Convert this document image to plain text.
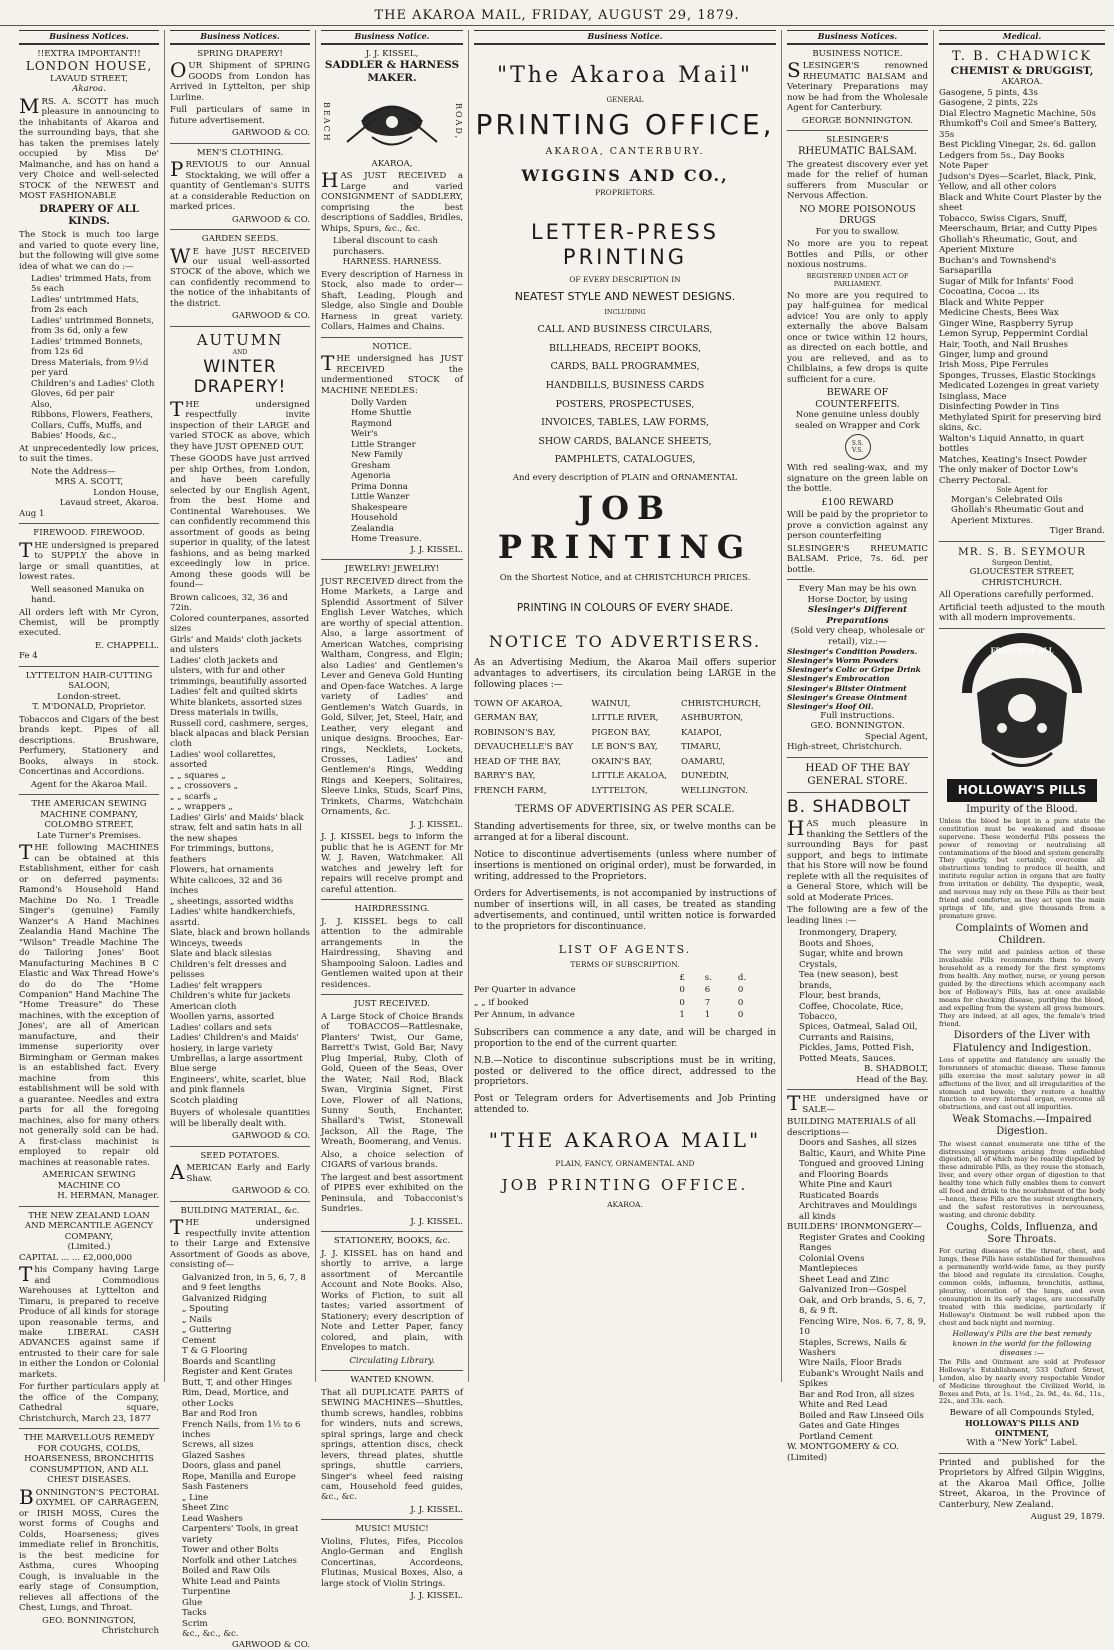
THE AKAROA MAIL, FRIDAY, AUGUST 29, 1879.
Business Notices.
!!EXTRA IMPORTANT!!
LONDON HOUSE,
LAVAUD STREET,
Akaroa.
MRS. A. SCOTT has much pleasure in announcing to the inhabitants of Akaroa and the surrounding bays, that she has taken the premises lately occupied by Miss De' Malmanche, and has on hand a very Choice and well-selected STOCK of the NEWEST and MOST FASHIONABLE
DRAPERY OF ALL KINDS.
The Stock is much too large and varied to quote every line, but the following will give some idea of what we can do :—
Ladies' trimmed Hats, from 5s each
Ladies' untrimmed Hats, from 2s each
Ladies' untrimmed Bonnets, from 3s 6d, only a few
Ladies' trimmed Bonnets, from 12s 6d
Dress Materials, from 9½d per yard
Children's and Ladies' Cloth Gloves, 6d per pair
Also,
Ribbons, Flowers, Feathers, Collars, Cuffs, Muffs, and Babies' Hoods, &c.,
At unprecedentedly low prices, to suit the times.
Note the Address—
MRS A. SCOTT,
London House,
Lavaud street, Akaroa.
Aug 1
FIREWOOD. FIREWOOD.
THE undersigned is prepared to SUPPLY the above in large or small quantities, at lowest rates.
Well seasoned Manuka on hand.
All orders left with Mr Cyron, Chemist, will be promptly executed.
E. CHAPPELL.
Fe 4
LYTTELTON HAIR-CUTTING SALOON,
London-street.
T. M'DONALD, Proprietor.
Tobaccos and Cigars of the best brands kept. Pipes of all descriptions. Brushware, Perfumery, Stationery and Books, always in stock. Concertinas and Accordions.
Agent for the Akaroa Mail.
THE AMERICAN SEWING MACHINE COMPANY, COLOMBO STREET,
Late Turner's Premises.
THE following MACHINES can be obtained at this Establishment, either for cash or on deferred payments: Ramond's Household Hand Machine Do No. 1 Treadle Singer's (genuine) Family Wanzer's A Hand Machines Zealandia Hand Machine The "Wilson" Treadle Machine The do Tailoring Jones' Boot Manufacturing Machines B C Elastic and Wax Thread Howe's do do do The "Home Companion" Hand Machine The "Home Treasure" do These machines, with the exception of Jones', are all of American manufacture, and their immense superiority over Birmingham or German makes is an established fact. Every machine from this establishment will be sold with a guarantee. Needles and extra parts for all the foregoing machines, also for many others not generally sold can be had. A first-class machinist is employed to repair old machines at reasonable rates.
AMERICAN SEWING MACHINE CO
H. HERMAN, Manager.
THE NEW ZEALAND LOAN AND MERCANTILE AGENCY COMPANY,
(Limited.)
CAPITAL ... ... £2,000,000
This Company having Large and Commodious Warehouses at Lyttelton and Timaru, is prepared to receive Produce of all kinds for storage upon reasonable terms, and make LIBERAL CASH ADVANCES against same if entrusted to their care for sale in either the London or Colonial markets.
For further particulars apply at the office of the Company, Cathedral square, Christchurch, March 23, 1877
THE MARVELLOUS REMEDY FOR COUGHS, COLDS, HOARSENESS, BRONCHITIS CONSUMPTION, AND ALL CHEST DISEASES.
BONNINGTON'S PECTORAL OXYMEL OF CARRAGEEN, or IRISH MOSS, Cures the worst forms of Coughs and Colds, Hoarseness; gives immediate relief in Bronchitis, is the best medicine for Asthma, cures Whooping Cough, is invaluable in the early stage of Consumption, relieves all affections of the Chest, Lungs, and Throat.
GEO. BONNINGTON,
Christchurch
Business Notices.
SPRING DRAPERY!
OUR Shipment of SPRING GOODS from London has Arrived in Lyttelton, per ship Lurline.
Full particulars of same in future advertisement.
GARWOOD & CO.
MEN'S CLOTHING.
PREVIOUS to our Annual Stocktaking, we will offer a quantity of Gentleman's SUITS at a considerable Reduction on marked prices.
GARWOOD & CO.
GARDEN SEEDS.
WE have JUST RECEIVED our usual well-assorted STOCK of the above, which we can confidently recommend to the notice of the inhabitants of the district.
GARWOOD & CO.
AUTUMN
AND
WINTER DRAPERY!
THE undersigned respectfully invite inspection of their LARGE and varied STOCK as above, which they have JUST OPENED OUT.
These GOODS have just arrived per ship Orthes, from London, and have been carefully selected by our English Agent, from the best Home and Continental Warehouses. We can confidently recommend this assortment of goods as being superior in quality, of the latest fashions, and as being marked exceedingly low in price. Among these goods will be found—
Brown calicoes, 32, 36 and 72in.
Colored counterpanes, assorted sizes
Girls' and Maids' cloth jackets and ulsters
Ladies' cloth jackets and ulsters, with fur and other trimmings, beautifully assorted
Ladies' felt and quilted skirts
White blankets, assorted sizes
Dress materials in twills, Russell cord, cashmere, serges, black alpacas and black Persian cloth
Ladies' wool collarettes, assorted
„ „ squares „
„ „ crossovers „
„ „ scarfs „
„ „ wrappers „
Ladies' Girls' and Maids' black straw, felt and satin hats in all the new shapes
For trimmings, buttons, feathers
Flowers, hat ornaments
White calicoes, 32 and 36 inches
„ sheetings, assorted widths
Ladies' white handkerchiefs, assrtd.
Slate, black and brown hollands
Winceys, tweeds
Slate and black silesias
Children's felt dresses and pelisses
Ladies' felt wrappers
Children's white fur jackets
American cloth
Woollen yarns, assorted
Ladies' collars and sets
Ladies' Children's and Maids' hosiery, in large variety
Umbrellas, a large assortment
Blue serge
Engineers', white, scarlet, blue and pink flannels
Scotch plaiding
Buyers of wholesale quantities will be liberally dealt with.
GARWOOD & CO.
SEED POTATOES.
AMERICAN Early and Early Shaw.
GARWOOD & CO.
BUILDING MATERIAL, &c.
THE undersigned respectfully invite attention to their Large and Extensive Assortment of Goods as above, consisting of—
Galvanized Iron, in 5, 6, 7, 8 and 9 feet lengths
Galvanized Ridging
„ Spouting
„ Nails
„ Guttering
Cement
T & G Flooring
Boards and Scantling
Register and Kent Grates
Butt, T, and other Hinges
Rim, Dead, Mortice, and other Locks
Bar and Rod Iron
French Nails, from 1½ to 6 inches
Screws, all sizes
Glazed Sashes
Doors, glass and panel
Rope, Manilla and Europe
Sash Fasteners
„ Line
Sheet Zinc
Lead Washers
Carpenters' Tools, in great variety
Tower and other Bolts
Norfolk and other Latches
Boiled and Raw Oils
White Lead and Paints
Turpentine
Glue
Tacks
Scrim
&c., &c., &c.
GARWOOD & CO.
Business Notice.
J. J. KISSEL,
SADDLER & HARNESS MAKER.
BEACH	ROAD,
AKAROA,
HAS JUST RECEIVED a Large and varied CONSIGNMENT of SADDLERY, comprising the best descriptions of Saddles, Bridles, Whips, Spurs, &c., &c.
Liberal discount to cash purchasers.
HARNESS. HARNESS.
Every description of Harness in Stock, also made to order—Shaft, Leading, Plough and Sledge, also Single and Double Harness in great variety. Collars, Haimes and Chains.
NOTICE.
THE undersigned has JUST RECEIVED the undermentioned STOCK of MACHINE NEEDLES:
Dolly Varden
Home Shuttle
Raymond
Weir's
Little Stranger
New Family
Gresham
Agenoria
Prima Donna
Little Wanzer
Shakespeare
Household
Zealandia
Home Treasure.
J. J. KISSEL.
JEWELRY! JEWELRY!
JUST RECEIVED direct from the Home Markets, a Large and Splendid Assortment of Silver English Lever Watches, which are worthy of special attention. Also, a large assortment of American Watches, comprising Waltham, Congress, and Elgin; also Ladies' and Gentlemen's Lever and Geneva Gold Hunting and Open-face Watches. A large variety of Ladies' and Gentlemen's Watch Guards, in Gold, Silver, Jet, Steel, Hair, and Leather, very elegant and unique designs. Brooches, Ear-rings, Necklets, Lockets, Crosses, Ladies' and Gentlemen's Rings, Wedding Rings and Keepers, Solitaires, Sleeve Links, Studs, Scarf Pins, Trinkets, Charms, Watchchain Ornaments, &c.
J. J. KISSEL.
J. J. KISSEL begs to inform the public that he is AGENT for Mr W. J. Raven, Watchmaker. All watches and jewelry left for repairs will receive prompt and careful attention.
HAIRDRESSING.
J. J. KISSEL begs to call attention to the admirable arrangements in the Hairdressing, Shaving and Shampooing Saloon. Ladies and Gentlemen waited upon at their residences.
JUST RECEIVED.
A Large Stock of Choice Brands of TOBACCOS—Rattlesnake, Planters' Twist, Our Game, Barrett's Twist, Gold Bar, Navy Plug Imperial, Ruby, Cloth of Gold, Queen of the Seas, Over the Water, Nail Rod, Black Swan, Virginia Signet, First Love, Flower of all Nations, Sunny South, Enchanter, Shallard's Twist, Stonewall Jackson, All the Rage, The Wreath, Boomerang, and Venus.
Also, a choice selection of CIGARS of various brands.
The largest and best assortment of PIPES ever exhibited on the Peninsula, and Tobacconist's Sundries.
J. J. KISSEL.
STATIONERY, BOOKS, &c.
J. J. KISSEL has on hand and shortly to arrive, a large assortment of Mercantile Account and Note Books. Also, Works of Fiction, to suit all tastes; varied assortment of Stationery; every description of Note and Letter Paper, fancy colored, and plain, with Envelopes to match.
Circulating Library.
WANTED KNOWN.
That all DUPLICATE PARTS of SEWING MACHINES—Shuttles, thumb screws, handles, robbins for winders, nuts and screws, spiral springs, large and check springs, attention discs, check levers, thread plates, shuttle springs, shuttle carriers, Singer's wheel feed raising cam, Household feed guides, &c., &c.
J. J. KISSEL.
MUSIC! MUSIC!
Violins, Flutes, Fifes, Piccolos Anglo-German and English Concertinas, Accordeons, Flutinas, Musical Boxes, Also, a large stock of Violin Strings.
J. J. KISSEL.
Business Notice.
"The Akaroa Mail"
GENERAL
PRINTING OFFICE,
AKAROA, CANTERBURY.
WIGGINS AND CO.,
PROPRIETORS.
LETTER-PRESS PRINTING
OF EVERY DESCRIPTION IN
NEATEST STYLE AND NEWEST DESIGNS.
INCLUDING
CALL AND BUSINESS CIRCULARS,
BILLHEADS, RECEIPT BOOKS,
CARDS, BALL PROGRAMMES,
HANDBILLS, BUSINESS CARDS
POSTERS, PROSPECTUSES,
INVOICES, TABLES, LAW FORMS,
SHOW CARDS, BALANCE SHEETS,
PAMPHLETS, CATALOGUES,
And every description of PLAIN and ORNAMENTAL
JOB PRINTING
On the Shortest Notice, and at CHRISTCHURCH PRICES.
PRINTING IN COLOURS OF EVERY SHADE.
NOTICE TO ADVERTISERS.
As an Advertising Medium, the Akaroa Mail offers superior advantages to advertisers, its circulation being LARGE in the following places :—
TOWN OF AKAROA,	WAINUI,	CHRISTCHURCH,
GERMAN BAY,	LITTLE RIVER,	ASHBURTON,
ROBINSON'S BAY,	PIGEON BAY,	KAIAPOI,
DEVAUCHELLE'S BAY	LE BON'S BAY,	TIMARU,
HEAD OF THE BAY,	OKAIN'S BAY,	OAMARU,
BARRY'S BAY,	LITTLE AKALOA,	DUNEDIN,
FRENCH FARM,	LYTTELTON,	WELLINGTON.
TERMS OF ADVERTISING AS PER SCALE.
Standing advertisements for three, six, or twelve months can be arranged at for a liberal discount.
Notice to discontinue advertisements (unless where number of insertions is mentioned on original order), must be forwarded, in writing, addressed to the Proprietors.
Orders for Advertisements, is not accompanied by instructions of number of insertions will, in all cases, be treated as standing advertisements, and continued, until written notice is forwarded to the proprietors for discontinuance.
LIST OF AGENTS.
TERMS OF SUBSCRIPTION.
	£	s.	d.
Per Quarter in advance	0	6	0
„ „ if booked	0	7	0
Per Annum, in advance	1	1	0
Subscribers can commence a any date, and will be charged in proportion to the end of the current quarter.
N.B.—Notice to discontinue subscriptions must be in writing, posted or delivered to the office direct, addressed to the proprietors.
Post or Telegram orders for Advertisements and Job Printing attended to.
"THE AKAROA MAIL"
PLAIN, FANCY, ORNAMENTAL AND
JOB PRINTING OFFICE.
AKAROA.
Business Notices.
BUSINESS NOTICE.
SLESINGER'S renowned RHEUMATIC BALSAM and Veterinary Preparations may now be had from the Wholesale Agent for Canterbury.
GEORGE BONNINGTON.
SLESINGER'S
RHEUMATIC BALSAM.
The greatest discovery ever yet made for the relief of human sufferers from Muscular or Nervous Affection.
NO MORE POISONOUS DRUGS
For you to swallow.
No more are you to repeat Bottles and Pills, or other noxious nostrums.
REGISTERED UNDER ACT OF PARLIAMENT.
No more are you required to pay half-guinea for medical advice! You are only to apply externally the above Balsam once or twice within 12 hours, as directed on each bottle, and you are relieved, and as to Chilblains, a few drops is quite sufficient for a cure.
BEWARE OF COUNTERFEITS.
None genuine unless doubly sealed on Wrapper and Cork
S.S. V.S.
With red sealing-wax, and my signature on the green lable on the bottle.
£100 REWARD
Will be paid by the proprietor to prove a conviction against any person counterfeiting
SLESINGER'S RHEUMATIC BALSAM. Price, 7s. 6d. per bottle.
Every Man may be his own Horse Doctor, by using
Slesinger's Different Preparations
(Sold very cheap, wholesale or retail), viz.:—
Slesinger's Condition Powders.
Slesinger's Worm Powders
Slesinger's Colic or Gripe Drink
Slesinger's Embrocation
Slesinger's Blister Ointment
Slesinger's Grease Ointment
Slesinger's Hoof Oil.
Full instructions.
GEO. BONNINGTON.
Special Agent,
High-street, Christchurch.
HEAD OF THE BAY GENERAL STORE.
B. SHADBOLT
HAS much pleasure in thanking the Settlers of the surrounding Bays for past support, and begs to intimate that his Store will now be found replete with all the requisites of a General Store, which will be sold at Moderate Prices.
The following are a few of the leading lines :—
Ironmongery, Drapery,
Boots and Shoes,
Sugar, white and brown Crystals,
Tea (new season), best brands,
Flour, best brands,
Coffee, Chocolate, Rice, Tobacco,
Spices, Oatmeal, Salad Oil,
Currants and Raisins,
Pickles, Jams, Potted Fish,
Potted Meats, Sauces.
B. SHADBOLT,
Head of the Bay.
THE undersigned have or SALE—
BUILDING MATERIALS of all descriptions—
Doors and Sashes, all sizes
Baltic, Kauri, and White Pine
Tongued and grooved Lining and Flooring Boards
White Pine and Kauri Rusticated Boards
Architraves and Mouldings all kinds
BUILDERS' IRONMONGERY—
Register Grates and Cooking Ranges
Colonial Ovens
Mantlepieces
Sheet Lead and Zinc
Galvanized Iron—Gospel Oak, and Orb brands, 5. 6, 7, 8, & 9 ft.
Fencing Wire, Nos. 6, 7, 8, 9, 10
Staples, Screws, Nails & Washers
Wire Nails, Floor Brads
Eubank's Wrought Nails and Spikes
Bar and Rod Iron, all sizes
White and Red Lead
Boiled and Raw Linseed Oils
Gates and Gate Hinges
Portland Cement
W. MONTGOMERY & CO. (Limited)
Medical.
T. B. CHADWICK
CHEMIST & DRUGGIST,
AKAROA.
Gasogene, 5 pints, 43s
Gasogene, 2 pints, 22s
Dial Electro Magnetic Machine, 50s
Rhumkoff's Coil and Smee's Battery, 35s
Best Pickling Vinegar, 2s. 6d. gallon
Ledgers from 5s., Day Books
Note Paper
Judson's Dyes—Scarlet, Black, Pink, Yellow, and all other colors
Black and White Court Plaster by the sheet
Tobacco, Swiss Cigars, Snuff, Meerschaum, Briar, and Cutty Pipes
Ghollah's Rheumatic, Gout, and Aperient Mixture
Buchan's and Townshend's Sarsaparilla
Sugar of Milk for Infants' Food
Cocoatina, Cocoa ... its
Black and White Pepper
Medicine Chests, Bees Wax
Ginger Wine, Raspberry Syrup
Lemon Syrup, Peppermint Cordial
Hair, Tooth, and Nail Brushes
Ginger, lump and ground
Irish Moss, Pipe Ferrules
Sponges, Trusses, Elastic Stockings
Medicated Lozenges in great variety
Isinglass, Mace
Disinfecting Powder in Tins
Methylated Spirit for preserving bird skins, &c.
Walton's Liquid Annatto, in quart bottles
Matches, Keating's Insect Powder
The only maker of Doctor Low's Cherry Pectoral.
Sole Agent for
Morgan's Celebrated Oils
Ghollah's Rheumatic Gout and Aperient Mixtures.
Tiger Brand.
MR. S. B. SEYMOUR
Surgeon Dentist,
GLOUCESTER STREET,
CHRISTCHURCH.
All Operations carefully performed.
Artificial teeth adjusted to the mouth with all modern improvements.
FRIEND OF ALL
HOLLOWAY'S PILLS
Impurity of the Blood.
Unless the blood be kept in a pure state the constitution must be weakened and disease supervene. These wonderful Pills possess the power of removing or neutralising all contaminations of the blood and system generally. They quietly, but certainly, overcome all obstructions tending to produce ill health, and institute regular action in organs that are faulty from irritation or debility. The dyspeptic, weak, and nervous may rely on these Pills as their best friend and comforter, as they act upon the main springs of life, and give thousands from a premature grave.
Complaints of Women and Children.
The very mild and painless action of these invaluable Pills recommends them to every household as a remedy for the first symptoms from health. Any mother, nurse, or young person guided by the directions which accompany each box of Holloway's Pills, has at once available means for checking disease, purifying the blood, and expelling from the system all gross humours. They are indeed, at all ages, the female's tried friend.
Disorders of the Liver with Flatulency and Indigestion.
Loss of appetite and flatulency are usually the forerunners of stomachic disease. These famous pills exercise the most salutary power in all affections of the liver, and all irregularities of the stomach and bowels; they restore a healthy function to every internal organ, overcome all obstructions, and cast out all impurities.
Weak Stomachs.—Impaired Digestion.
The wisest cannot enumerate one tithe of the distressing symptoms arising from enfeebled digestion, all of which may be readily dispelled by these admirable Pills, as they rouse the stomach, liver, and every other organ of digestion to that healthy tone which fully enables them to convert all food and drink to the nourishment of the body—hence, these Pills are the surest strengtheners, and the safest restoratives in nervousness, wasting, and chronic debility.
Coughs, Colds, Influenza, and Sore Throats.
For curing diseases of the throat, chest, and lungs, these Pills have established for themselves a permanently world-wide fame, as they purify the blood and regulate its circulation. Coughs, common colds, influenza, bronchitis, asthma, pleurisy, ulceration of the lungs, and even consumption in its early stages, are successfully treated with this medicine, particularly if Holloway's Ointment be well rubbed upon the chest and back night and morning.
Holloway's Pills are the best remedy known in the world for the following diseases :—
The Pills and Ointment are sold at Professor Holloway's Establishment, 533 Oxford Street, London, also by nearly every respectable Vendor of Medicine throughout the Civilized World, in Boxes and Pots, at 1s. 1½d., 2s. 9d., 4s. 6d., 11s., 22s., and 33s. each.
Beware of all Compounds Styled,
HOLLOWAY'S PILLS AND OINTMENT,
With a "New York" Label.
Printed and published for the Proprietors by Alfred Gilpin Wiggins, at the Akaroa Mail Office, Jollie Street, Akaroa, in the Province of Canterbury, New Zealand.
August 29, 1879.
